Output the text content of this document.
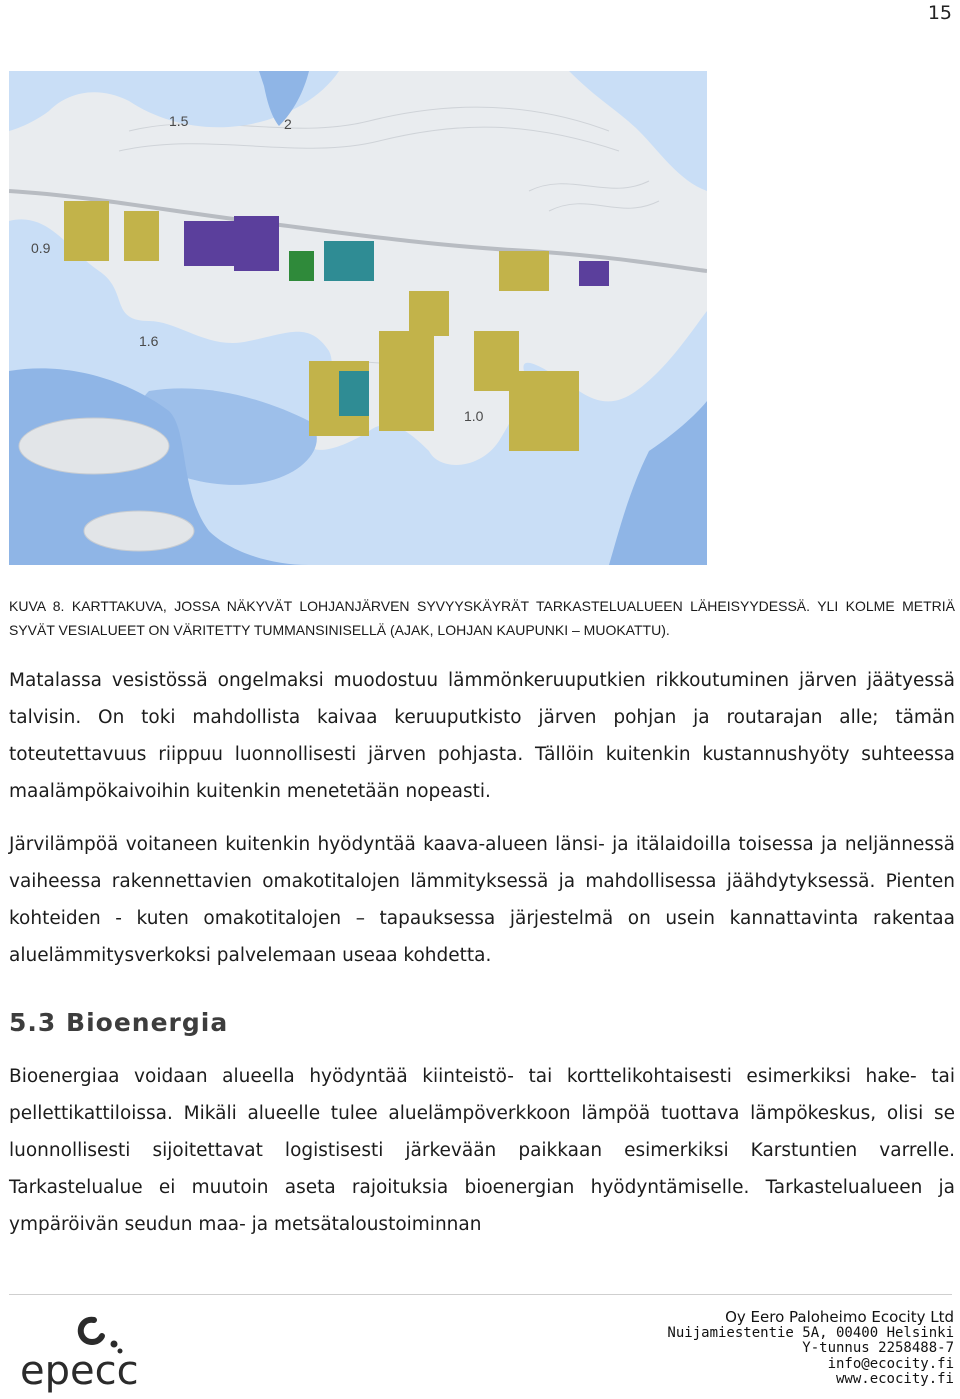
15
1.5
0.9
2
1.6
1.0
KUVA 8. KARTTAKUVA, JOSSA NÄKYVÄT LOHJANJÄRVEN SYVYYSKÄYRÄT TARKASTELUALUEEN LÄHEISYYDESSÄ. YLI KOLME METRIÄ SYVÄT VESIALUEET ON VÄRITETTY TUMMANSINISELLÄ (AJAK, LOHJAN KAUPUNKI – MUOKATTU).

Matalassa vesistössä ongelmaksi muodostuu lämmönkeruuputkien rikkoutuminen järven jäätyessä talvisin. On toki mahdollista kaivaa keruuputkisto järven pohjan ja routarajan alle; tämän toteutettavuus riippuu luonnollisesti järven pohjasta. Tällöin kuitenkin kustannushyöty suhteessa maalämpökaivoihin kuitenkin menetetään nopeasti.

Järvilämpöä voitaneen kuitenkin hyödyntää kaava-alueen länsi- ja itälaidoilla toisessa ja neljännessä vaiheessa rakennettavien omakotitalojen lämmityksessä ja mahdollisessa jäähdytyksessä. Pienten kohteiden - kuten omakotitalojen – tapauksessa järjestelmä on usein kannattavinta rakentaa aluelämmitysverkoksi palvelemaan useaa kohdetta.

5.3 Bioenergia

Bioenergiaa voidaan alueella hyödyntää kiinteistö- tai korttelikohtaisesti esimerkiksi hake- tai pellettikattiloissa. Mikäli alueelle tulee aluelämpöverkkoon lämpöä tuottava lämpökeskus, olisi se luonnollisesti sijoitettavat logistisesti järkevään paikkaan esimerkiksi Karstuntien varrelle. Tarkastelualue ei muutoin aseta rajoituksia bioenergian hyödyntämiselle. Tarkastelualueen ja ympäröivän seudun maa- ja metsätaloustoiminnan

epecc
Oy Eero Paloheimo Ecocity Ltd
Nuijamiestentie 5A, 00400 Helsinki
Y-tunnus 2258488-7
info@ecocity.fi
www.ecocity.fi
